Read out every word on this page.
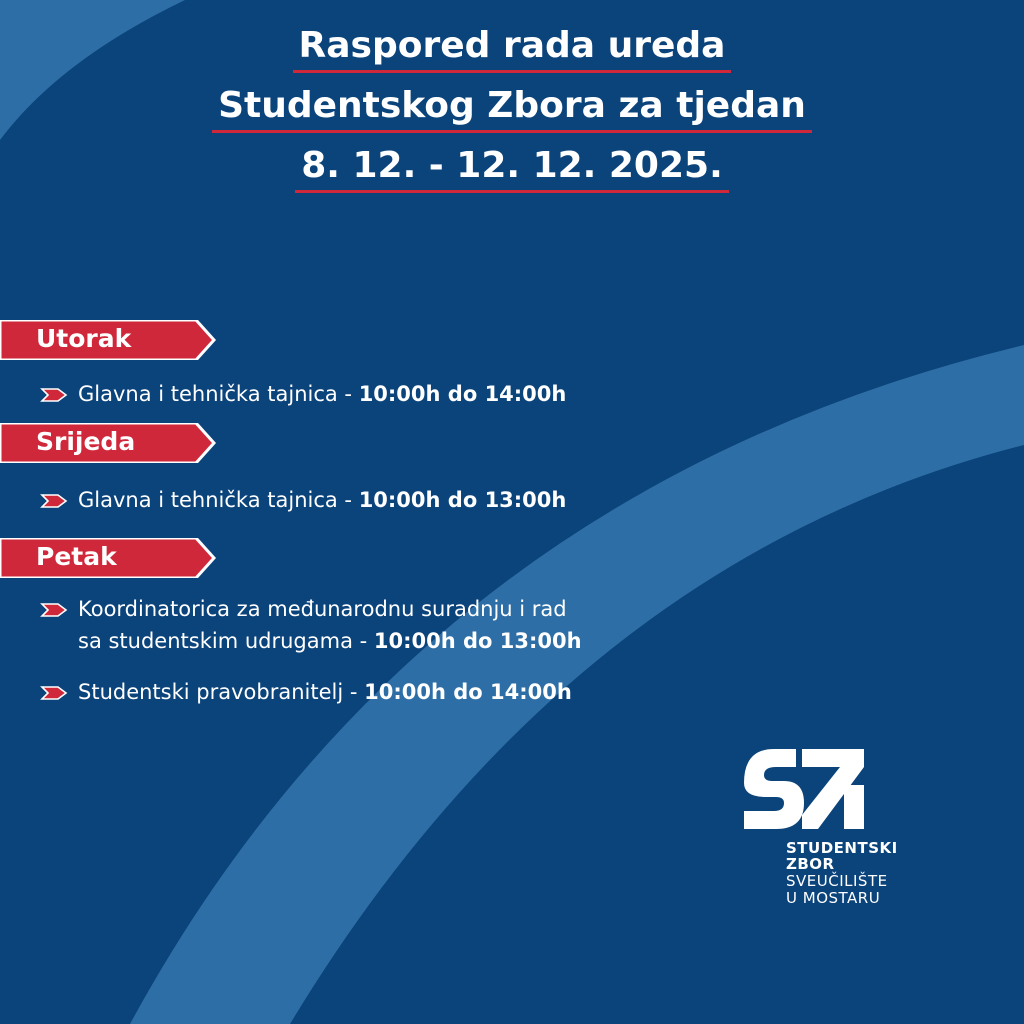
Raspored rada ureda
Studentskog Zbora za tjedan
8. 12. - 12. 12. 2025.
Utorak
Glavna i tehnička tajnica - 10:00h do 14:00h
Srijeda
Glavna i tehnička tajnica - 10:00h do 13:00h
Petak
Koordinatorica za međunarodnu suradnju i rad
sa studentskim udrugama - 10:00h do 13:00h
Studentski pravobranitelj - 10:00h do 14:00h
STUDENTSKI
ZBOR
SVEUČILIŠTE
U MOSTARU
